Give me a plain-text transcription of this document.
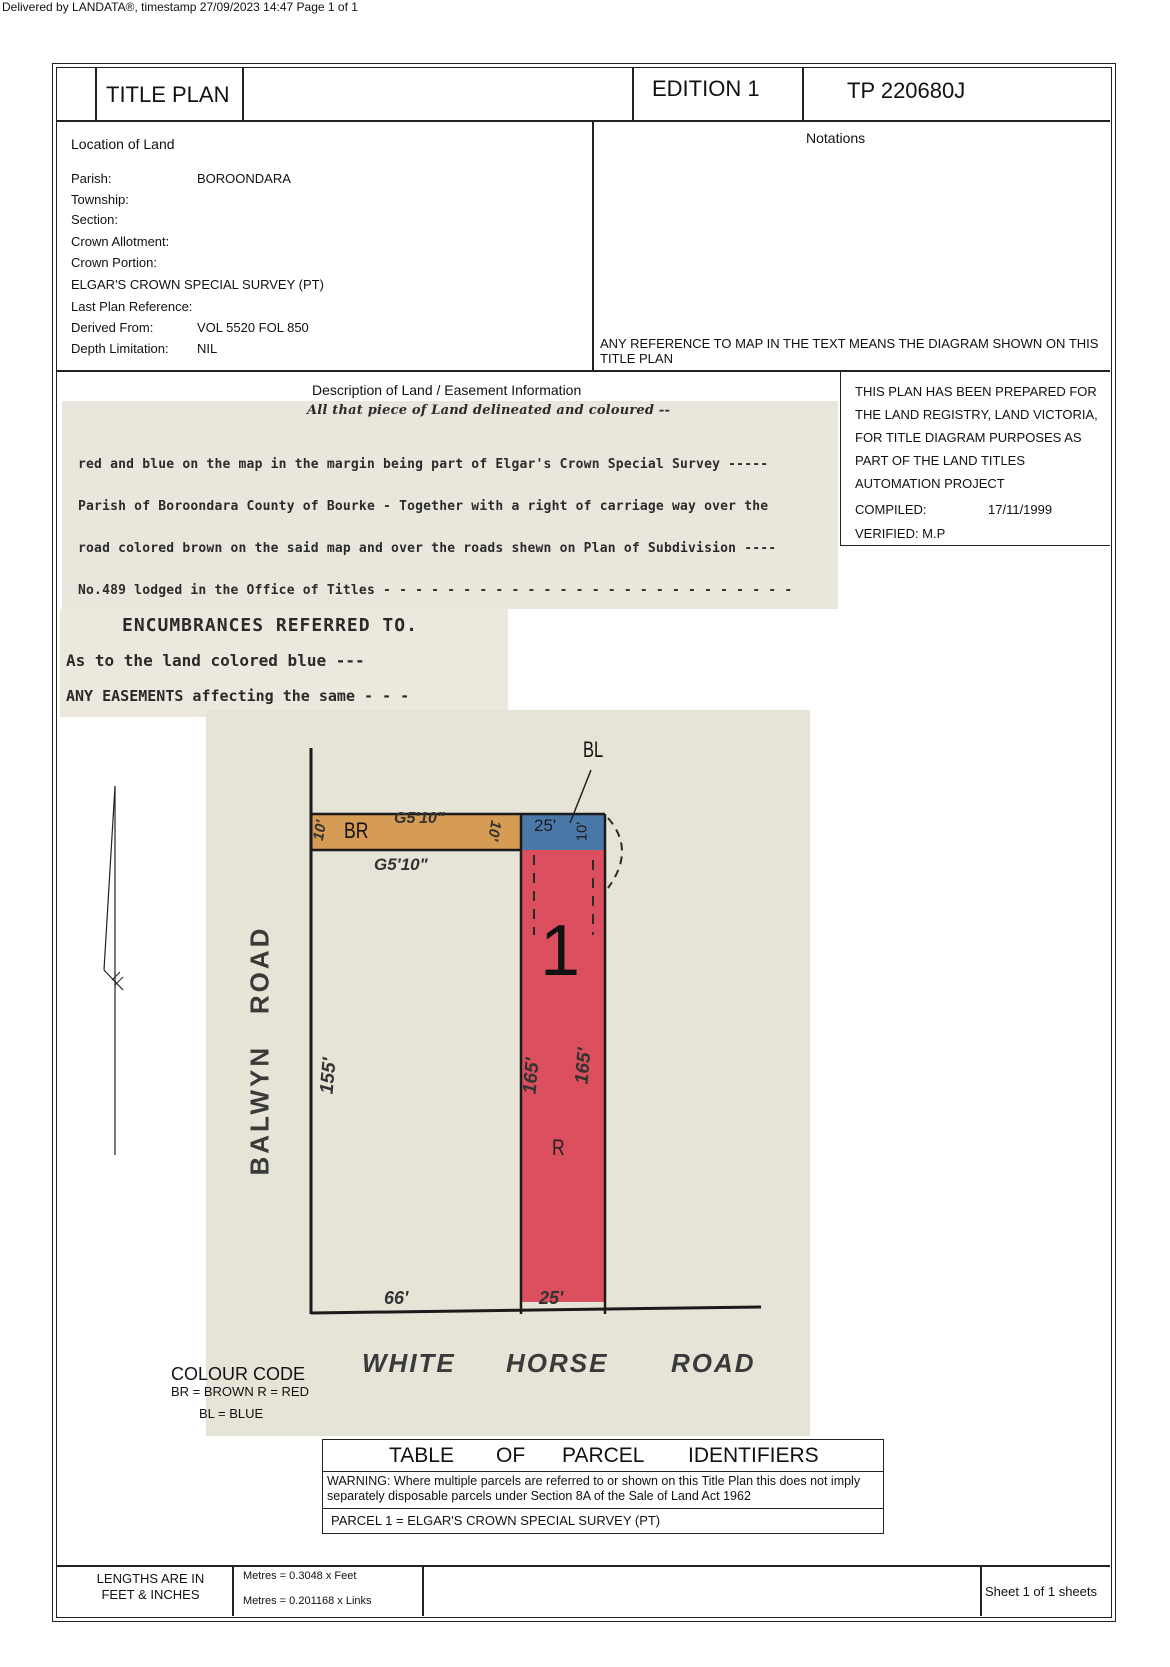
Delivered by LANDATA®, timestamp 27/09/2023 14:47 Page 1 of 1
TITLE PLAN	EDITION 1	TP 220680J
Location of Land
Parish:	BOROONDARA
Township:
Section:
Crown Allotment:
Crown Portion:
ELGAR'S CROWN SPECIAL SURVEY (PT)
Last Plan Reference:
Derived From:	VOL 5520 FOL 850
Depth Limitation: NIL
Notations
ANY REFERENCE TO MAP IN THE TEXT MEANS THE DIAGRAM SHOWN ON THIS TITLE PLAN
Description of Land / Easement Information	THIS PLAN HAS BEEN PREPARED FOR THE LAND REGISTRY, LAND VICTORIA, FOR TITLE DIAGRAM PURPOSES AS PART OF THE LAND TITLES AUTOMATION PROJECT
COMPILED:	17/11/1999
VERIFIED: M.P
All that piece of Land delineated and coloured --
red and blue on the map in the margin being part of Elgar's Crown Special Survey -----
Parish of Boroondara County of Bourke - Together with a right of carriage way over the
road colored brown on the said map and over the roads shewn on Plan of Subdivision ----
No.489 lodged in the Office of Titles - - - - - - - - - - - - - - - - - - - - - - - - - -
ENCUMBRANCES REFERRED TO.
As to the land colored blue ---
ANY EASEMENTS affecting the same - - -
BL
BR G5'10"
G5'10"
10'	10' 25' 10'
1
R
155'	165' 165'
66'	25'
BALWYN   ROAD
WHITE HORSE ROAD
COLOUR CODE
BR = BROWN R = RED
BL = BLUE
TABLE OF PARCEL IDENTIFIERS
WARNING: Where multiple parcels are referred to or shown on this Title Plan this does not imply separately disposable parcels under Section 8A of the Sale of Land Act 1962
PARCEL 1 = ELGAR'S CROWN SPECIAL SURVEY (PT)
LENGTHS ARE IN FEET & INCHES
Metres = 0.3048 x Feet
Metres = 0.201168 x Links
Sheet 1 of 1 sheets
